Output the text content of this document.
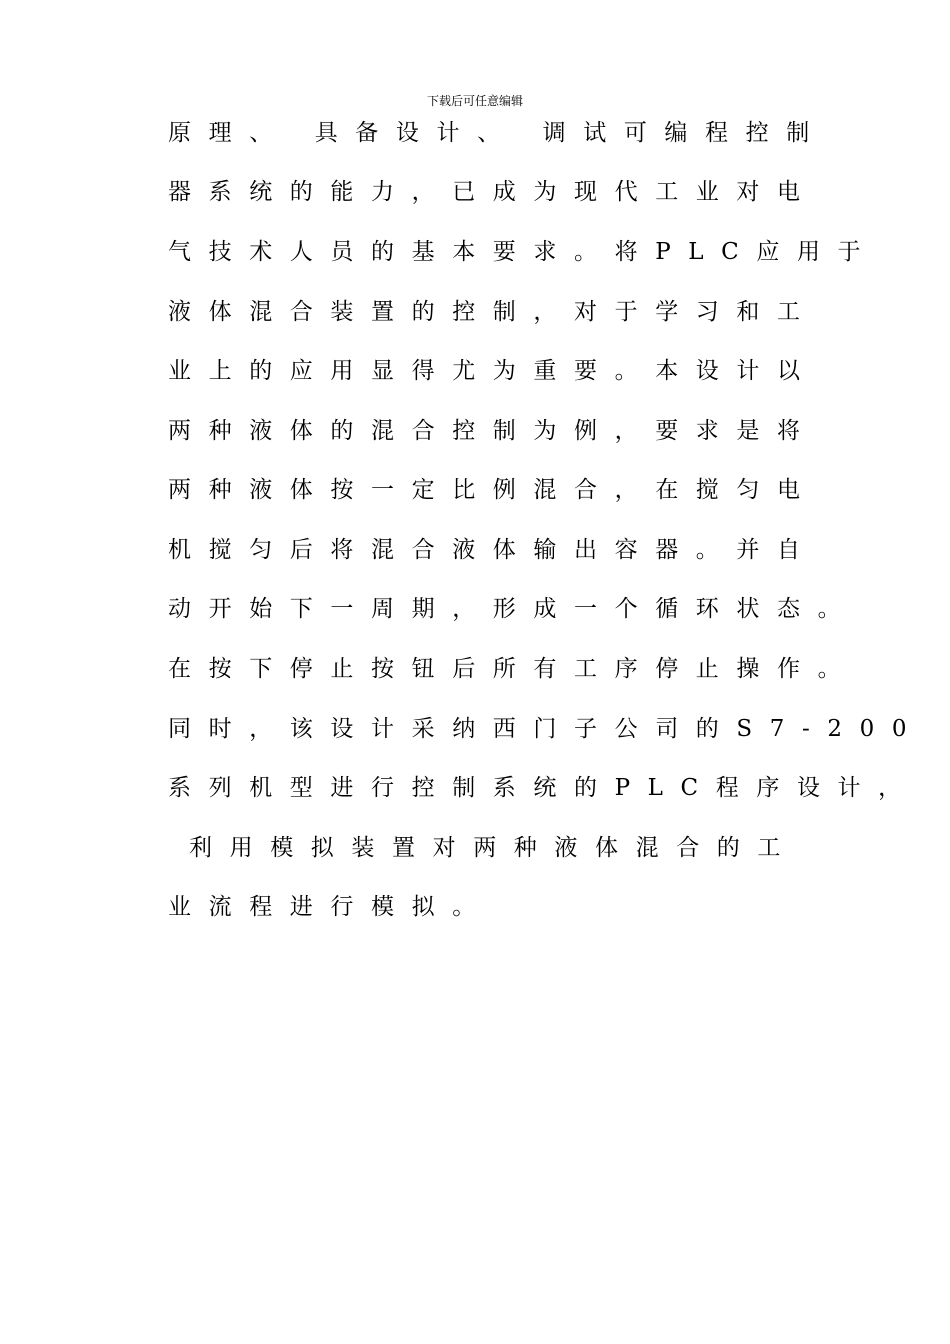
下载后可任意编辑
原理、 具备设计、 调试可编程控制
器系统的能力，已成为现代工业对电
气技术人员的基本要求。将PLC应用于
液体混合装置的控制，对于学习和工
业上的应用显得尤为重要。本设计以
两种液体的混合控制为例，要求是将
两种液体按一定比例混合，在搅匀电
机搅匀后将混合液体输出容器。并自
动开始下一周期，形成一个循环状态。
在按下停止按钮后所有工序停止操作。
同时，该设计采纳西门子公司的S7-200
系列机型进行控制系统的PLC程序设计，
利用模拟装置对两种液体混合的工
业流程进行模拟。
